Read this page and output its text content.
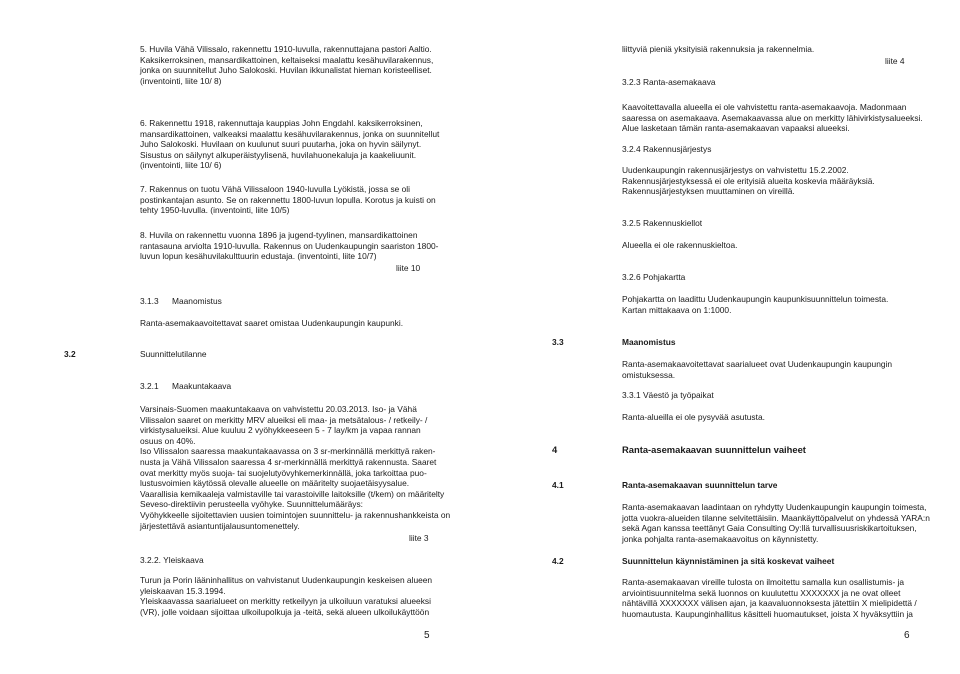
5. Huvila Vähä Vilissalo, rakennettu 1910-luvulla, rakennuttajana pastori Aaltio.
Kaksikerroksinen, mansardikattoinen, keltaiseksi maalattu kesähuvilarakennus,
jonka on suunnitellut Juho Salokoski. Huvilan ikkunalistat hieman koristeelliset.
(inventointi, liite 10/ 8)

6. Rakennettu 1918, rakennuttaja kauppias John Engdahl. kaksikerroksinen,
mansardikattoinen, valkeaksi maalattu kesähuvilarakennus, jonka on suunnitellut
Juho Salokoski. Huvilaan on kuulunut suuri puutarha, joka on hyvin säilynyt.
Sisustus on säilynyt alkuperäistyylisenä, huvilahuonekaluja ja kaakeliuunit.
(inventointi, liite 10/ 6)

7. Rakennus on tuotu Vähä Vilissaloon 1940-luvulla Lyökistä, jossa se oli
postinkantajan asunto. Se on rakennettu 1800-luvun lopulla. Korotus ja kuisti on
tehty 1950-luvulla. (inventointi, liite 10/5)

8. Huvila on rakennettu vuonna 1896 ja jugend-tyylinen, mansardikattoinen
rantasauna arviolta 1910-luvulla. Rakennus on Uudenkaupungin saariston 1800-
luvun lopun kesähuvilakulttuurin edustaja. (inventointi, liite 10/7)

liite 10

3.1.3 Maanomistus

Ranta-asemakaavoitettavat saaret omistaa Uudenkaupungin kaupunki.

3.2	Suunnittelutilanne

3.2.1 Maakuntakaava

Varsinais-Suomen maakuntakaava on vahvistettu 20.03.2013. Iso- ja Vähä
Vilissalon saaret on merkitty MRV alueiksi eli maa- ja metsätalous- / retkeily- /
virkistysalueiksi. Alue kuuluu 2 vyöhykkeeseen 5 - 7 lay/km ja vapaa rannan
osuus on 40%.
Iso Vilissalon saaressa maakuntakaavassa on 3 sr-merkinnällä merkittyä raken-
nusta ja Vähä Vilissalon saaressa 4 sr-merkinnällä merkittyä rakennusta. Saaret
ovat merkitty myös suoja- tai suojelutyövyhkemerkinnällä, joka tarkoittaa puo-
lustusvoimien käytössä olevalle alueelle on määritelty suojaetäisyysalue.
Vaarallisia kemikaaleja valmistaville tai varastoiville laitoksille (t/kem) on määritelty
Seveso-direktiivin perusteella vyöhyke. Suunnittelumääräys:
Vyöhykkeelle sijoitettavien uusien toimintojen suunnittelu- ja rakennushankkeista on
järjestettävä asiantuntijalausuntomenettely.

liite 3

3.2.2. Yleiskaava

Turun ja Porin lääninhallitus on vahvistanut Uudenkaupungin keskeisen alueen
yleiskaavan 15.3.1994.
Yleiskaavassa saarialueet on merkitty retkeilyyn ja ulkoiluun varatuksi alueeksi
(VR), jolle voidaan sijoittaa ulkoilupolkuja ja -teitä, sekä alueen ulkoilukäyttöön

5

liittyviä pieniä yksityisiä rakennuksia ja rakennelmia.

liite 4

3.2.3 Ranta-asemakaava

Kaavoitettavalla alueella ei ole vahvistettu ranta-asemakaavoja. Madonmaan
saaressa on asemakaava. Asemakaavassa alue on merkitty lähivirkistysalueeksi.
Alue lasketaan tämän ranta-asemakaavan vapaaksi alueeksi.

3.2.4 Rakennusjärjestys

Uudenkaupungin rakennusjärjestys on vahvistettu 15.2.2002.
Rakennusjärjestyksessä ei ole erityisiä alueita koskevia määräyksiä.
Rakennusjärjestyksen muuttaminen on vireillä.

3.2.5 Rakennuskiellot

Alueella ei ole rakennuskieltoa.

3.2.6 Pohjakartta

Pohjakartta on laadittu Uudenkaupungin kaupunkisuunnittelun toimesta.
Kartan mittakaava on 1:1000.

3.3	Maanomistus

Ranta-asemakaavoitettavat saarialueet ovat Uudenkaupungin kaupungin
omistuksessa.

3.3.1 Väestö ja työpaikat

Ranta-alueilla ei ole pysyvää asutusta.

4	Ranta-asemakaavan suunnittelun vaiheet

4.1	Ranta-asemakaavan suunnittelun tarve

Ranta-asemakaavan laadintaan on ryhdytty Uudenkaupungin kaupungin toimesta,
jotta vuokra-alueiden tilanne selvitettäisiin. Maankäyttöpalvelut on yhdessä YARA:n
sekä Agan kanssa teettänyt Gaia Consulting Oy:llä turvallisuusriskikartoituksen,
jonka pohjalta ranta-asemakaavoitus on käynnistetty.

4.2	Suunnittelun käynnistäminen ja sitä koskevat vaiheet

Ranta-asemakaavan vireille tulosta on ilmoitettu samalla kun osallistumis- ja
arviointisuunnitelma sekä luonnos on kuulutettu XXXXXXX ja ne ovat olleet
nähtävillä XXXXXXX välisen ajan, ja kaavaluonnoksesta jätettiin X mielipidettä /
huomautusta. Kaupunginhallitus käsitteli huomautukset, joista X hyväksyttiin ja

6
